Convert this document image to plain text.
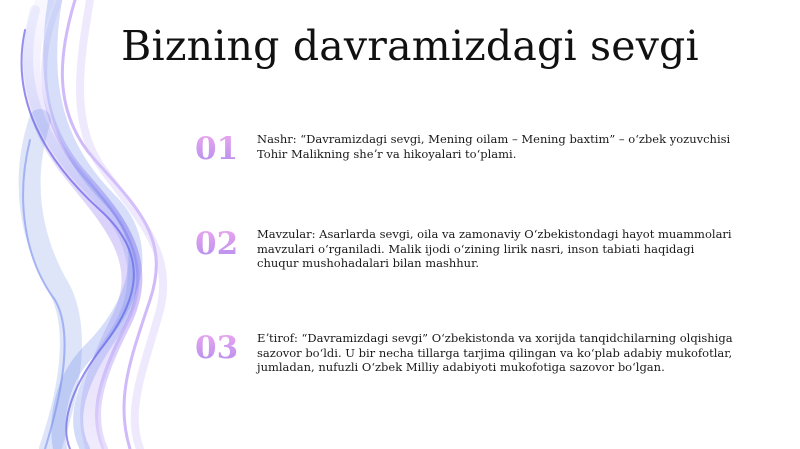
Bizning davramizdagi sevgi
01	Nashr: “Davramizdagi sevgi, Mening oilam – Mening baxtim” – oʻzbek yozuvchisi Tohir Malikning sheʼr va hikoyalari toʻplami.
02	Mavzular: Asarlarda sevgi, oila va zamonaviy Oʻzbekistondagi hayot muammolari mavzulari oʻrganiladi. Malik ijodi oʻzining lirik nasri, inson tabiati haqidagi chuqur mushohadalari bilan mashhur.
03	Eʼtirof: “Davramizdagi sevgi” Oʻzbekistonda va xorijda tanqidchilarning olqishiga sazovor boʻldi. U bir necha tillarga tarjima qilingan va koʻplab adabiy mukofotlar, jumladan, nufuzli Oʻzbek Milliy adabiyoti mukofotiga sazovor boʻlgan.
